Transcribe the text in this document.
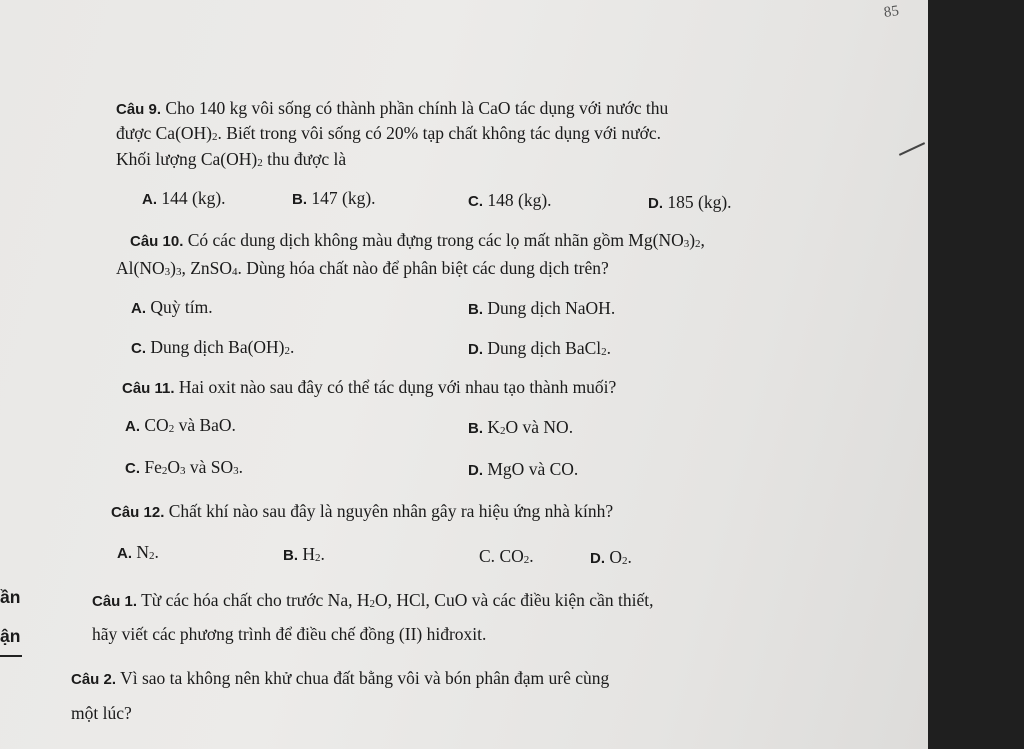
85
Câu 9. Cho 140 kg vôi sống có thành phần chính là CaO tác dụng với nước thu
được $Ca(OH)_2$. Biết trong vôi sống có 20% tạp chất không tác dụng với nước.
Khối lượng $Ca(OH)_2$ thu được là
A. 144 (kg).	B. 147 (kg).	C. 148 (kg).	D. 185 (kg).
Câu 10. Có các dung dịch không màu đựng trong các lọ mất nhãn gồm $Mg(NO_3)_2$,
$Al(NO_3)_3$, ZnSO$_4$. Dùng hóa chất nào để phân biệt các dung dịch trên?
A. Quỳ tím.	B. Dung dịch NaOH.
C. Dung dịch $Ba(OH)_2$.	D. Dung dịch BaCl$_2$.
Câu 11. Hai oxit nào sau đây có thể tác dụng với nhau tạo thành muối?
A. $CO_2$ và BaO.	B. $K_2O$ và NO.
C. $Fe_2O_3$ và $SO_3$.	D. MgO và CO.
Câu 12. Chất khí nào sau đây là nguyên nhân gây ra hiệu ứng nhà kính?
A. $N_2$.	B. $H_2$.	C. $CO_2$.	D. $O_2$.
ần
ận
Câu 1. Từ các hóa chất cho trước Na, $H_2O$, HCl, CuO và các điều kiện cần thiết,
hãy viết các phương trình để điều chế đồng (II) hiđroxit.
Câu 2. Vì sao ta không nên khử chua đất bằng vôi và bón phân đạm urê cùng
một lúc?
